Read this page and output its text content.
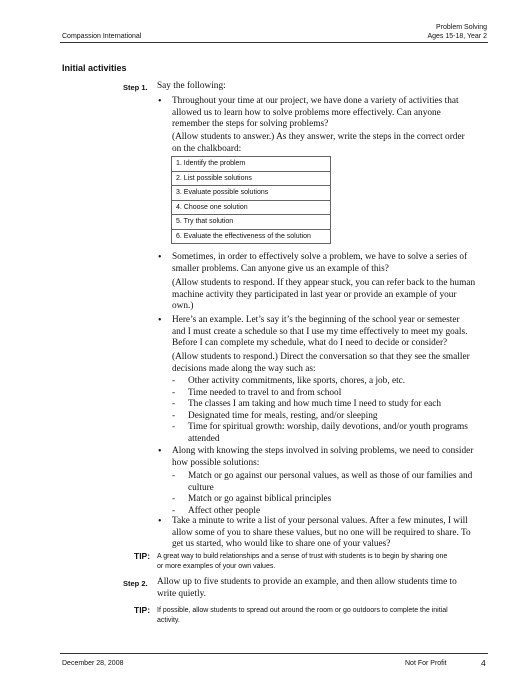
Compassion International
Problem Solving
Ages 15-18, Year 2
Initial activities
Step 1. Say the following:
• Throughout your time at our project, we have done a variety of activities that
allowed us to learn how to solve problems more effectively. Can anyone
remember the steps for solving problems?
(Allow students to answer.) As they answer, write the steps in the correct order
on the chalkboard:
1. Identify the problem
2. List possible solutions
3. Evaluate possible solutions
4. Choose one solution
5. Try that solution
6. Evaluate the effectiveness of the solution
• Sometimes, in order to effectively solve a problem, we have to solve a series of
smaller problems. Can anyone give us an example of this?
(Allow students to respond. If they appear stuck, you can refer back to the human
machine activity they participated in last year or provide an example of your
own.)
• Here’s an example. Let’s say it’s the beginning of the school year or semester
and I must create a schedule so that I use my time effectively to meet my goals.
Before I can complete my schedule, what do I need to decide or consider?
(Allow students to respond.) Direct the conversation so that they see the smaller
decisions made along the way such as:
- Other activity commitments, like sports, chores, a job, etc.
- Time needed to travel to and from school
- The classes I am taking and how much time I need to study for each
- Designated time for meals, resting, and/or sleeping
- Time for spiritual growth: worship, daily devotions, and/or youth programs

attended
• Along with knowing the steps involved in solving problems, we need to consider
how possible solutions:
- Match or go against our personal values, as well as those of our families and

culture
- Match or go against biblical principles
- Affect other people
• Take a minute to write a list of your personal values. After a few minutes, I will
allow some of you to share these values, but no one will be required to share. To
get us started, who would like to share one of your values?
TIP: A great way to build relationships and a sense of trust with students is to begin by sharing one
or more examples of your own values.
Step 2. Allow up to five students to provide an example, and then allow students time to
write quietly.
TIP: If possible, allow students to spread out around the room or go outdoors to complete the initial
activity.
December 28, 2008	Not For Profit	4
